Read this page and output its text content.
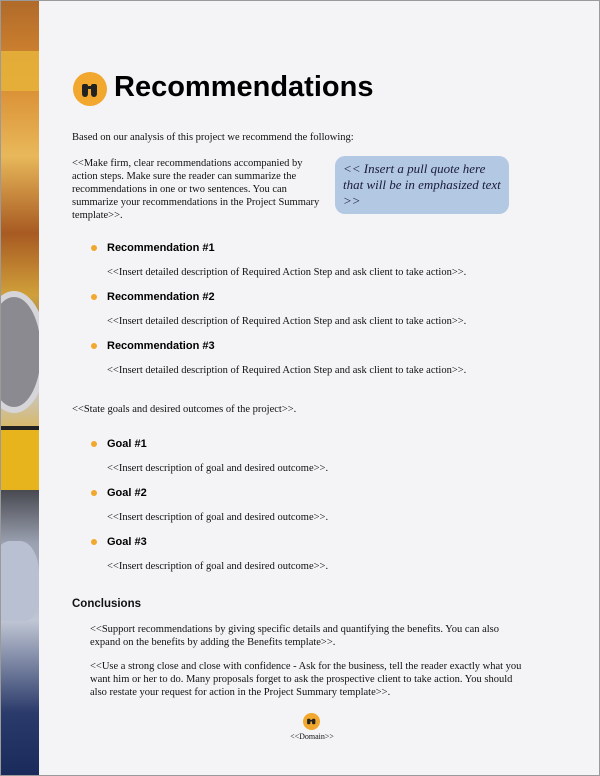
Recommendations

Based on our analysis of this project we recommend the following:

<<Make firm, clear recommendations accompanied by action steps. Make sure the reader can summarize the recommendations in one or two sentences. You can summarize your recommendations in the Project Summary template>>.

<< Insert a pull quote here that will be in emphasized text >>

Recommendation #1

<<Insert detailed description of Required Action Step and ask client to take action>>.

Recommendation #2

<<Insert detailed description of Required Action Step and ask client to take action>>.

Recommendation #3

<<Insert detailed description of Required Action Step and ask client to take action>>.

<<State goals and desired outcomes of the project>>.

Goal #1

<<Insert description of goal and desired outcome>>.

Goal #2

<<Insert description of goal and desired outcome>>.

Goal #3

<<Insert description of goal and desired outcome>>.

Conclusions

<<Support recommendations by giving specific details and quantifying the benefits. You can also expand on the benefits by adding the Benefits template>>.

<<Use a strong close and close with confidence - Ask for the business, tell the reader exactly what you want him or her to do. Many proposals forget to ask the prospective client to take action. You should also restate your request for action in the Project Summary template>>.

<<Domain>>
